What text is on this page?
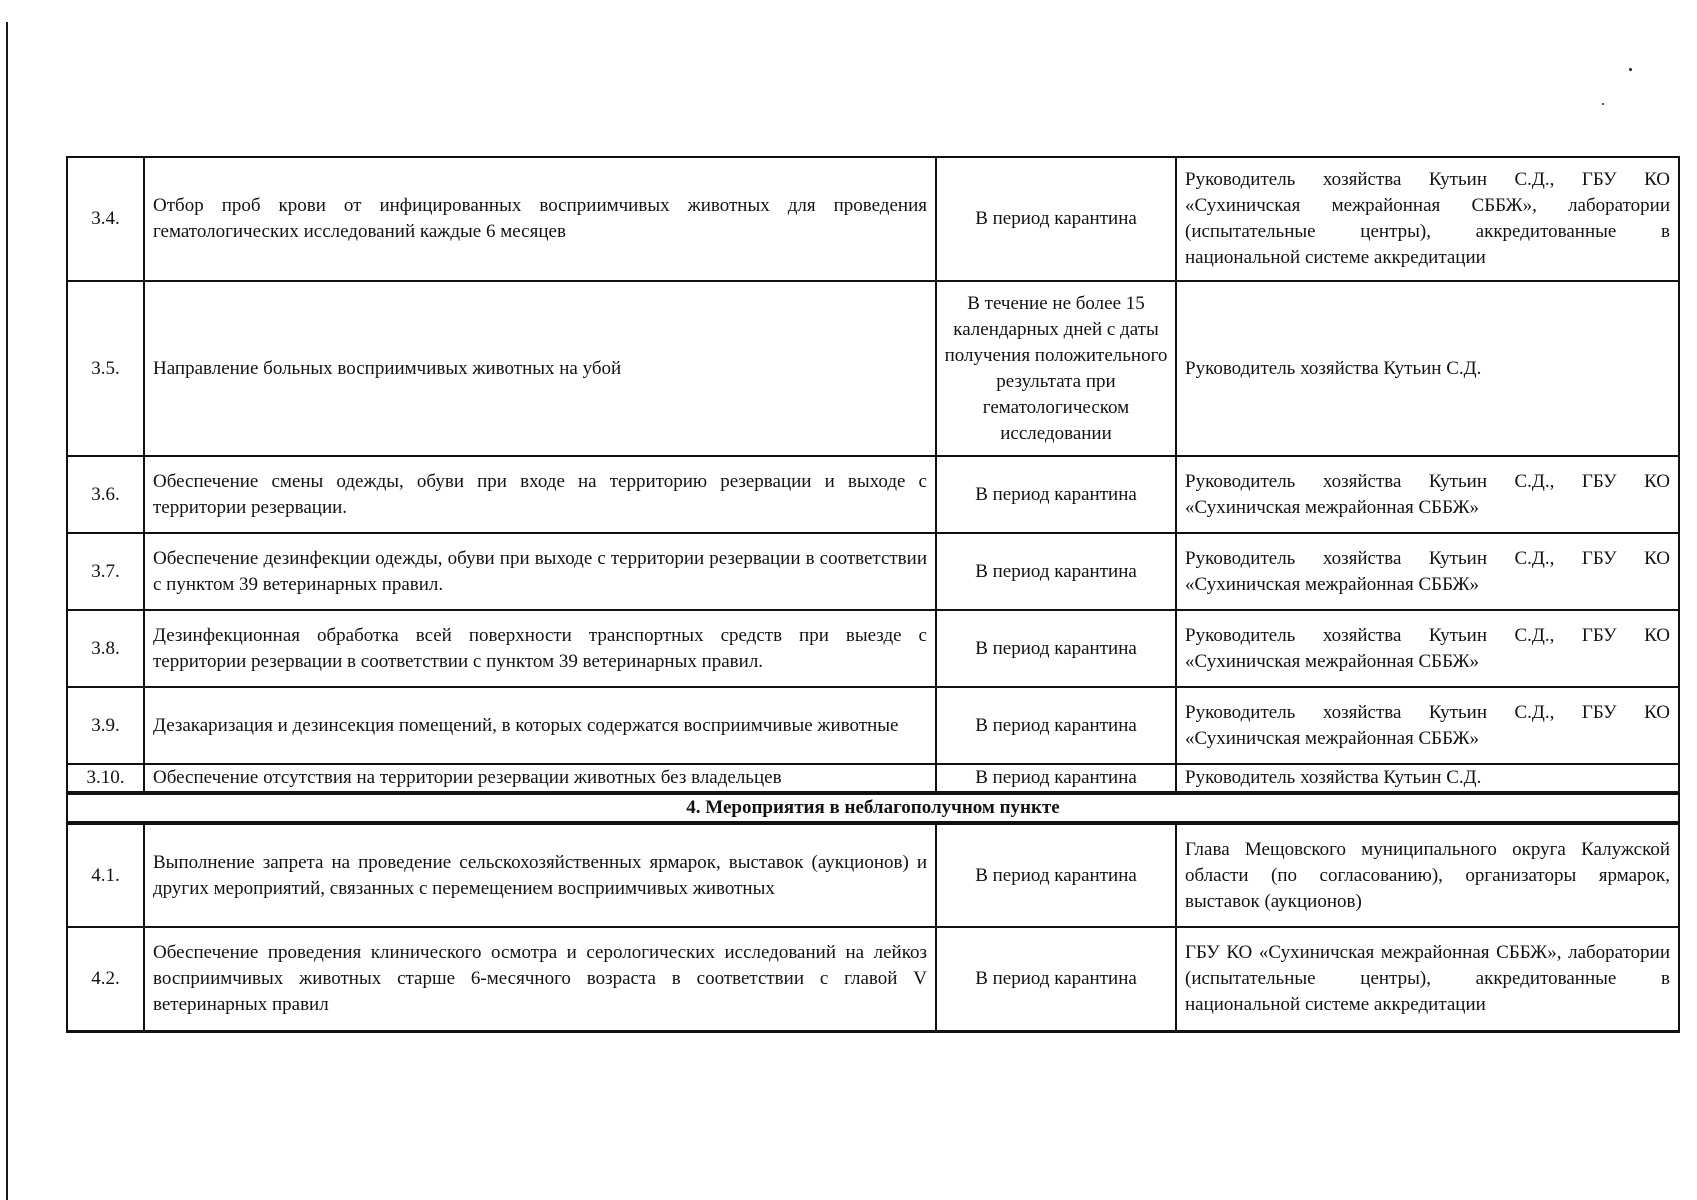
3.4.	Отбор проб крови от инфицированных восприимчивых животных для проведения гематологических исследований каждые 6 месяцев	В период карантина	Руководитель хозяйства Кутьин С.Д., ГБУ КО «Сухиничская межрайонная СББЖ», лаборатории (испытательные центры), аккредитованные в национальной системе аккредитации
3.5.	Направление больных восприимчивых животных на убой	В течение не более 15 календарных дней с даты получения положительного результата при гематологическом исследовании	Руководитель хозяйства Кутьин С.Д.
3.6.	Обеспечение смены одежды, обуви при входе на территорию резервации и выходе с территории резервации.	В период карантина	Руководитель хозяйства Кутьин С.Д., ГБУ КО «Сухиничская межрайонная СББЖ»
3.7.	Обеспечение дезинфекции одежды, обуви при выходе с территории резервации в соответствии с пунктом 39 ветеринарных правил.	В период карантина	Руководитель хозяйства Кутьин С.Д., ГБУ КО «Сухиничская межрайонная СББЖ»
3.8.	Дезинфекционная обработка всей поверхности транспортных средств при выезде с территории резервации в соответствии с пунктом 39 ветеринарных правил.	В период карантина	Руководитель хозяйства Кутьин С.Д., ГБУ КО «Сухиничская межрайонная СББЖ»
3.9.	Дезакаризация и дезинсекция помещений, в которых содержатся восприимчивые животные	В период карантина	Руководитель хозяйства Кутьин С.Д., ГБУ КО «Сухиничская межрайонная СББЖ»
3.10.	Обеспечение отсутствия на территории резервации животных без владельцев	В период карантина	Руководитель хозяйства Кутьин С.Д.
4. Мероприятия в неблагополучном пункте			
4.1.	Выполнение запрета на проведение сельскохозяйственных ярмарок, выставок (аукционов) и других мероприятий, связанных с перемещением восприимчивых животных	В период карантина	Глава Мещовского муниципального округа Калужской области (по согласованию), организаторы ярмарок, выставок (аукционов)
4.2.	Обеспечение проведения клинического осмотра и серологических исследований на лейкоз восприимчивых животных старше 6-месячного возраста в соответствии с главой V ветеринарных правил	В период карантина	ГБУ КО «Сухиничская межрайонная СББЖ», лаборатории (испытательные центры), аккредитованные в национальной системе аккредитации
